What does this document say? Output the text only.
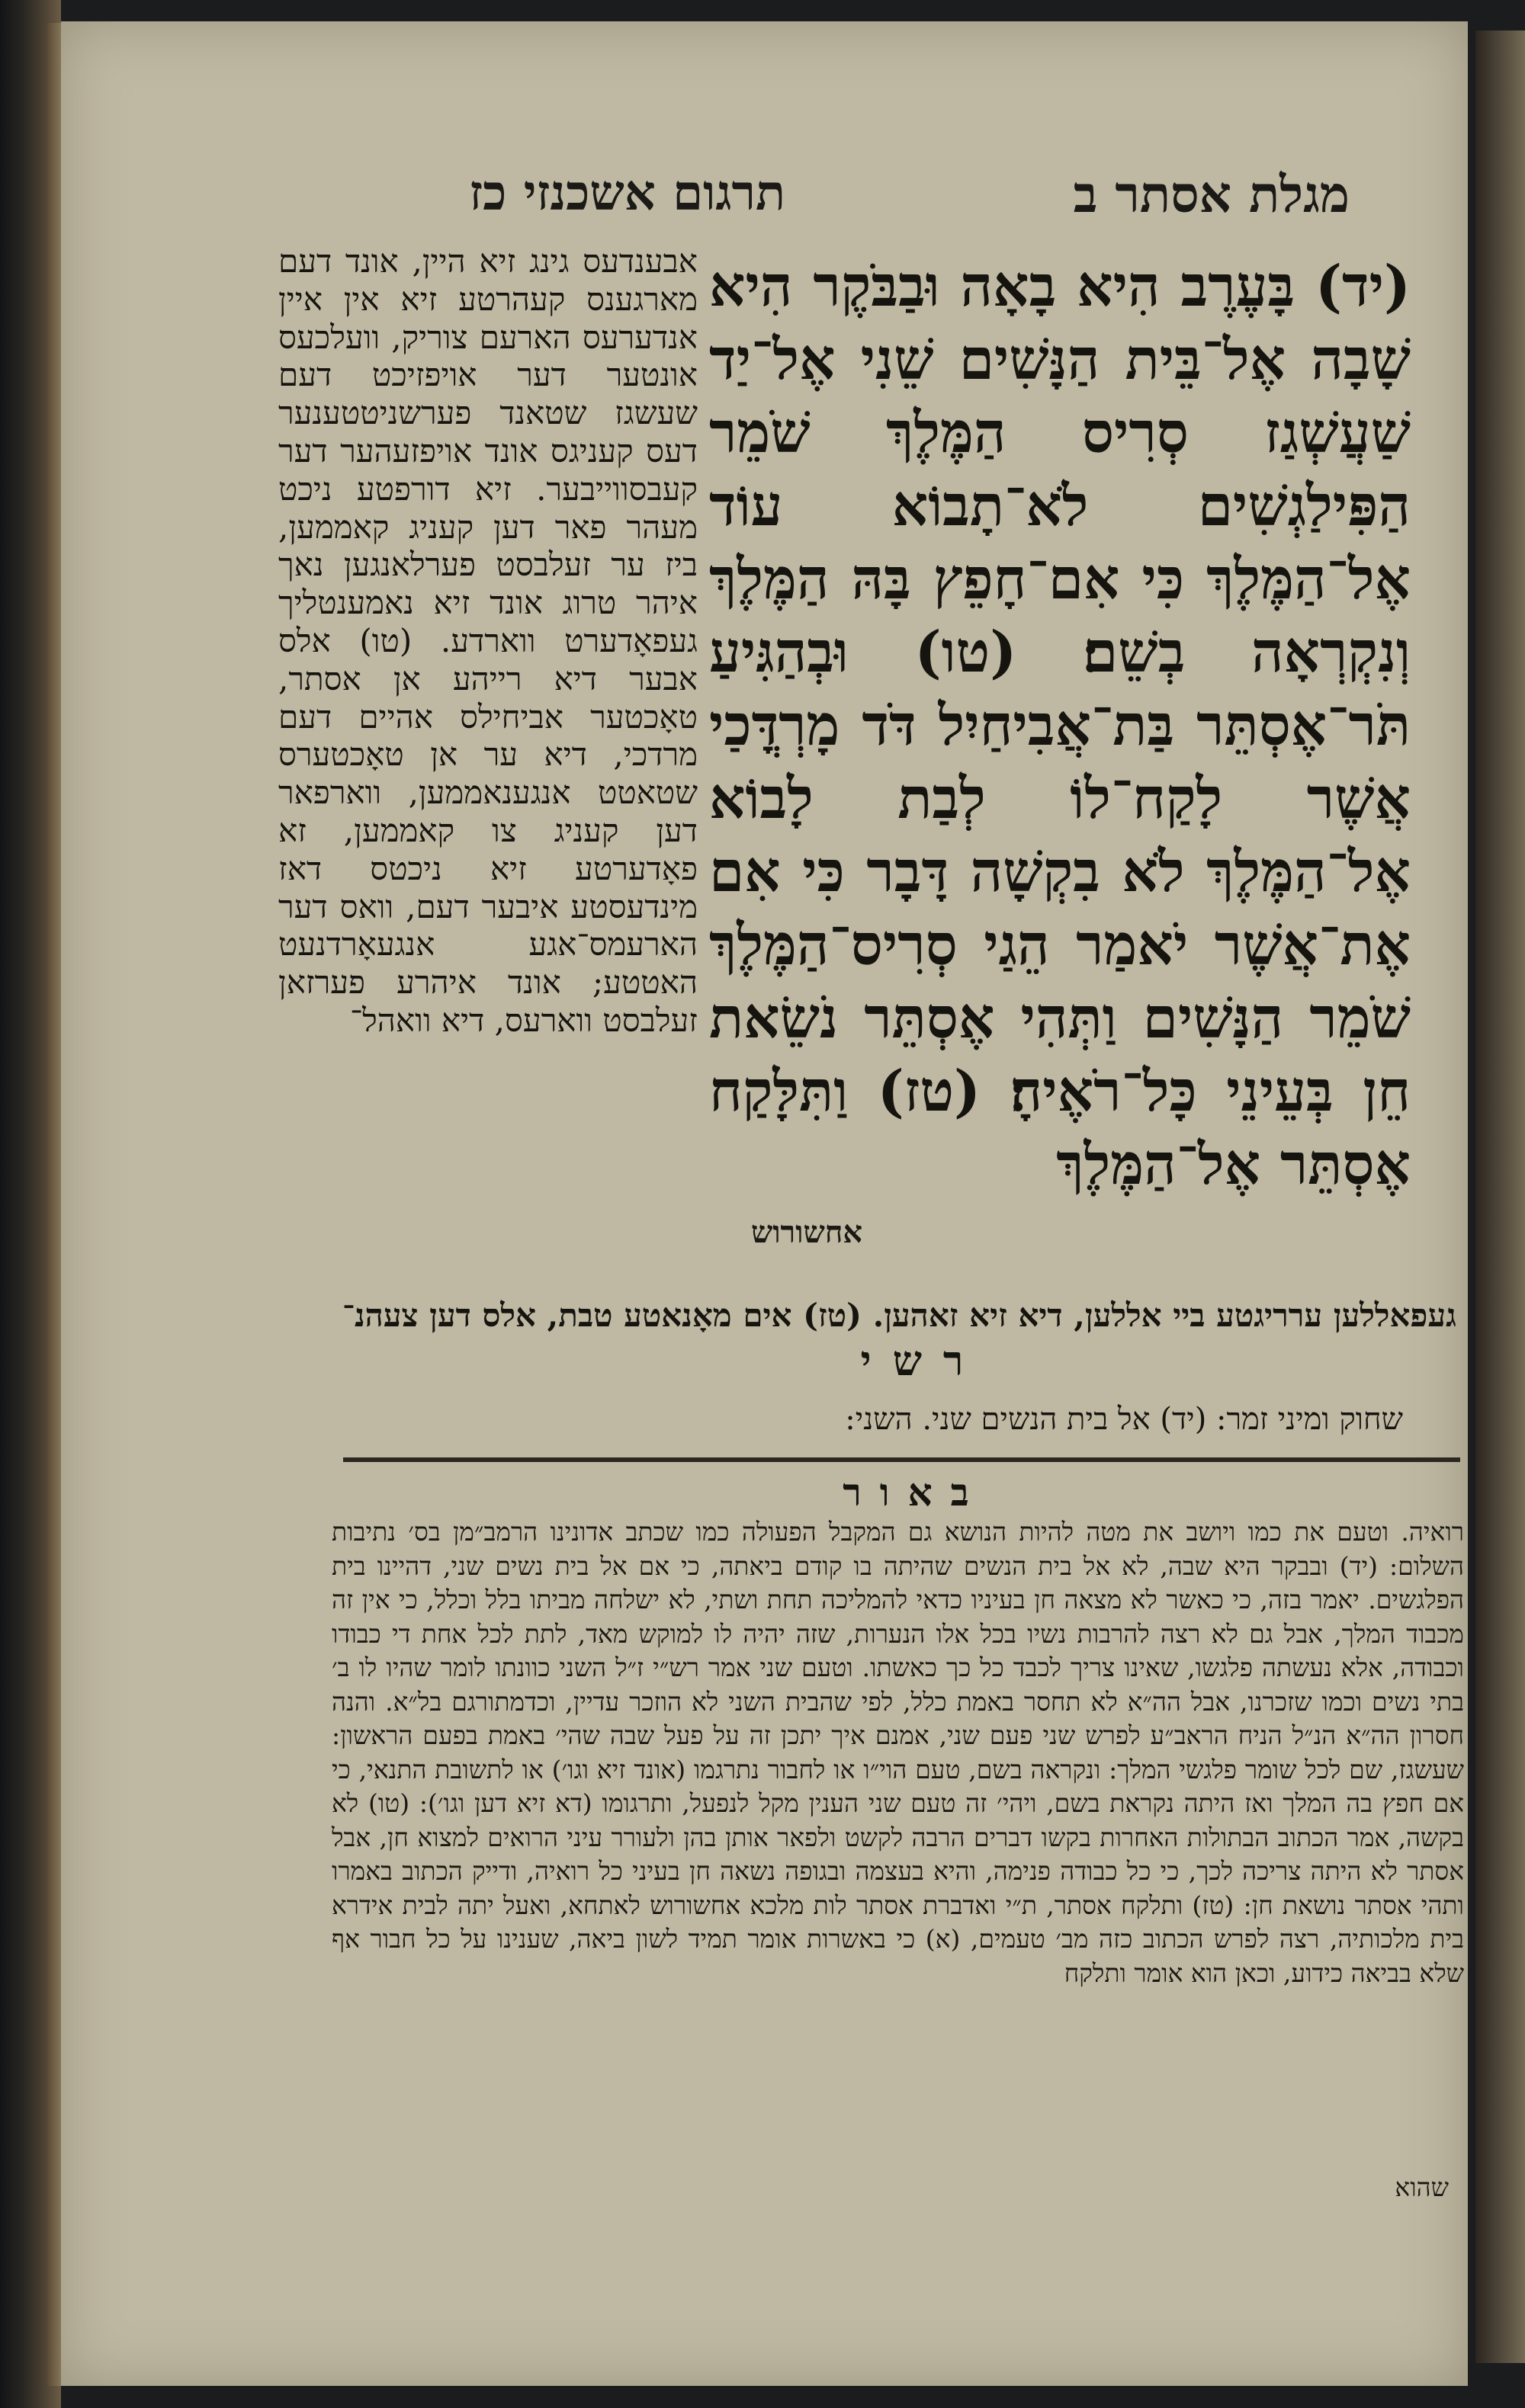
תרגום אשכנזי כז	מגלת אסתר ב
(יד) בָּעֶרֶב הִיא בָאָה וּבַבֹּקֶר הִיא שָׁבָה אֶל־בֵּית הַנָּשִׁים שֵׁנִי אֶל־יַד שַׁעֲשְׁגַז סְרִיס הַמֶּלֶךְ שֹׁמֵר הַפִּילַגְשִׁים לֹא־תָבוֹא עוֹד אֶל־הַמֶּלֶךְ כִּי אִם־חָפֵץ בָּהּ הַמֶּלֶךְ וְנִקְרְאָה בְשֵׁם׃ (טו) וּבְהַגִּיעַ תֹּר־אֶסְתֵּר בַּת־אֲבִיחַיִל דֹּד מָרְדֳּכַי אֲשֶׁר לָקַח־לוֹ לְבַת לָבוֹא אֶל־הַמֶּלֶךְ לֹא בִקְשָׁה דָּבָר כִּי אִם אֶת־אֲשֶׁר יֹאמַר הֵגַי סְרִיס־הַמֶּלֶךְ שֹׁמֵר הַנָּשִׁים וַתְּהִי אֶסְתֵּר נֹשֵׂאת חֵן בְּעֵינֵי כָּל־רֹאֶיהָ׃ (טז) וַתִּלָּקַח אֶסְתֵּר אֶל־הַמֶּלֶךְ
אחשורוש
אבענדעס גינג זיא היין, אונד דעם מארגענס קעהרטע זיא אין איין אנדערעס הארעם צוריק, וועלכעס אונטער דער אויפזיכט דעם שעשגז שטאנד פערשניטטענער דעס קעניגס אונד אויפזעהער דער קעבסווייבער. זיא דורפטע ניכט מעהר פאר דען קעניג קאממען, ביז ער זעלבסט פערלאנגען נאך איהר טרוג אונד זיא נאמענטליך געפאָדערט ווארדע. (טו) אלס אבער דיא רייהע אן אסתר, טאָכטער אביחילס אהיים דעם מרדכי, דיא ער אן טאָכטערס שטאטט אנגענאממען, ווארפאר דען קעניג צו קאממען, זא פאָדערטע זיא ניכטס דאז מינדעסטע איבער דעם, וואס דער הארעמס־אגע אנגעאָרדנעט האטטע; אונד איהרע פערזאן זעלבסט ווארעס, דיא וואהל־
געפאללען ערריגטע ביי אללען, דיא זיא זאהען. (טז) אים מאָנאטע טבת, אלס דען צעהנ־
רשי
שחוק ומיני זמר: (יד) אל בית הנשים שני. השני:
באור
רואיה. וטעם את כמו ויושב את מטה להיות הנושא גם המקבל הפעולה כמו שכתב אדונינו הרמב״מן בס׳ נתיבות השלום: (יד) ובבקר היא שבה, לא אל בית הנשים שהיתה בו קודם ביאתה, כי אם אל בית נשים שני, דהיינו בית הפלגשים. יאמר בזה, כי כאשר לא מצאה חן בעיניו כדאי להמליכה תחת ושתי, לא ישלחה מביתו בלל וכלל, כי אין זה מכבוד המלך, אבל גם לא רצה להרבות נשיו בכל אלו הנערות, שזה יהיה לו למוקש מאד, לתת לכל אחת די כבודו וכבודה, אלא נעשתה פלגשו, שאינו צריך לכבד כל כך כאשתו. וטעם שני אמר רש״י ז״ל השני כוונתו לומר שהיו לו ב׳ בתי נשים וכמו שזכרנו, אבל הה״א לא תחסר באמת כלל, לפי שהבית השני לא הוזכר עדיין, וכדמתורגם בל״א. והנה חסרון הה״א הנ״ל הניח הראב״ע לפרש שני פעם שני, אמנם איך יתכן זה על פעל שבה שהי׳ באמת בפעם הראשון: שעשגז, שם לכל שומר פלגשי המלך: ונקראה בשם, טעם הוי״ו או לחבור נתרגמו (אונד זיא וגו׳) או לתשובת התנאי, כי אם חפץ בה המלך ואז היתה נקראת בשם, ויהי׳ זה טעם שני הענין מקל לנפעל, ותרגומו (דא זיא דען וגו׳): (טו) לא בקשה, אמר הכתוב הבתולות האחרות בקשו דברים הרבה לקשט ולפאר אותן בהן ולעורר עיני הרואים למצוא חן, אבל אסתר לא היתה צריכה לכך, כי כל כבודה פנימה, והיא בעצמה ובגופה נשאה חן בעיני כל רואיה, ודייק הכתוב באמרו ותהי אסתר נושאת חן: (טז) ותלקח אסתר, ת״י ואדברת אסתר לות מלכא אחשורוש לאתחא, ואעל יתה לבית אידרא בית מלכותיה, רצה לפרש הכתוב כזה מב׳ טעמים, (א) כי באשרות אומר תמיד לשון ביאה, שענינו על כל חבור אף שלא בביאה כידוע, וכאן הוא אומר ותלקח
שהוא
